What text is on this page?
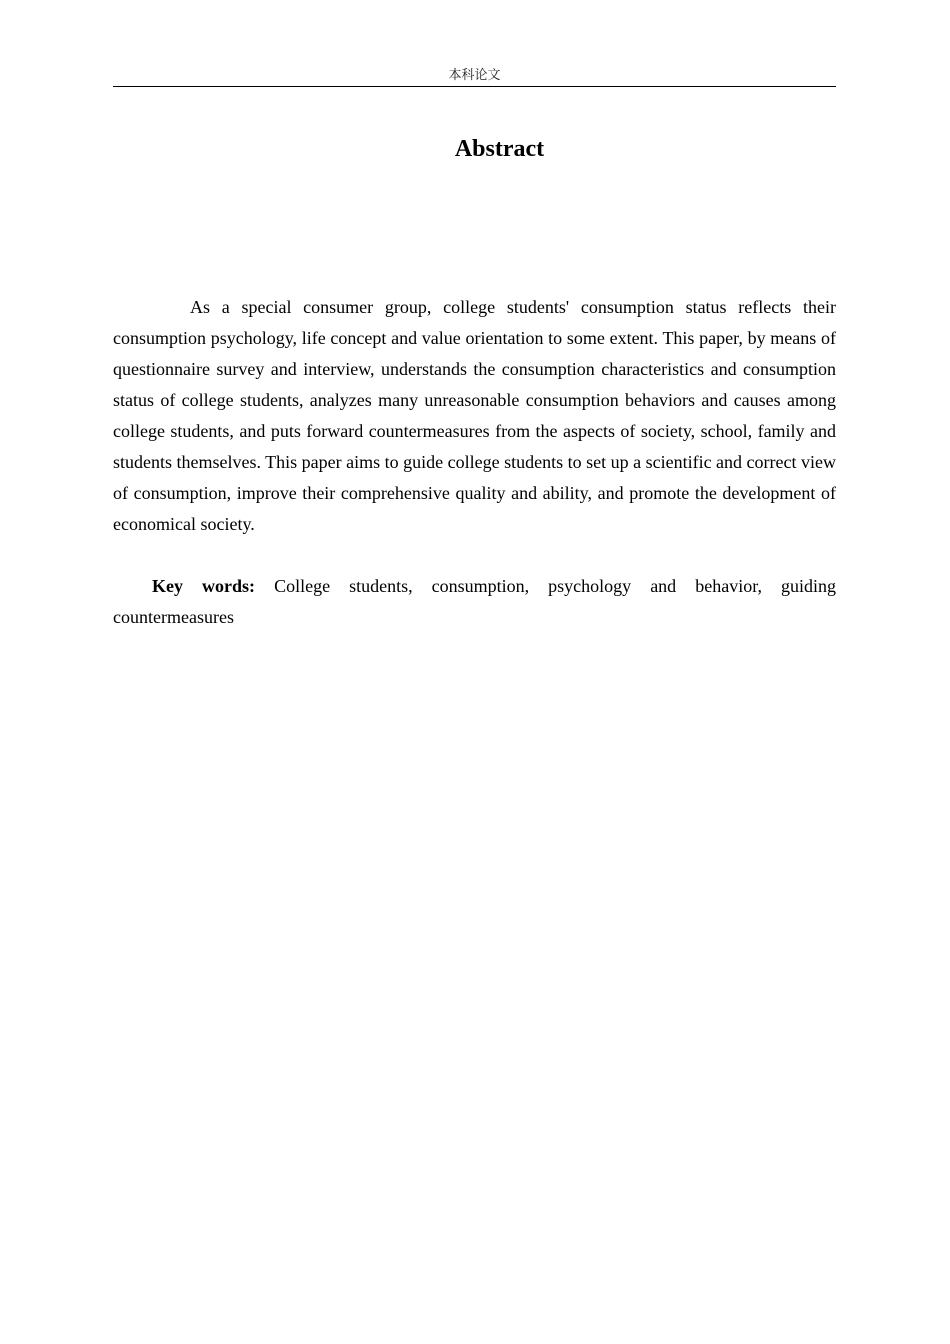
本科论文
Abstract

As a special consumer group, college students' consumption status reflects their consumption psychology, life concept and value orientation to some extent. This paper, by means of questionnaire survey and interview, understands the consumption characteristics and consumption status of college students, analyzes many unreasonable consumption behaviors and causes among college students, and puts forward countermeasures from the aspects of society, school, family and students themselves. This paper aims to guide college students to set up a scientific and correct view of consumption, improve their comprehensive quality and ability, and promote the development of economical society.

Key words: College students, consumption, psychology and behavior, guiding countermeasures
